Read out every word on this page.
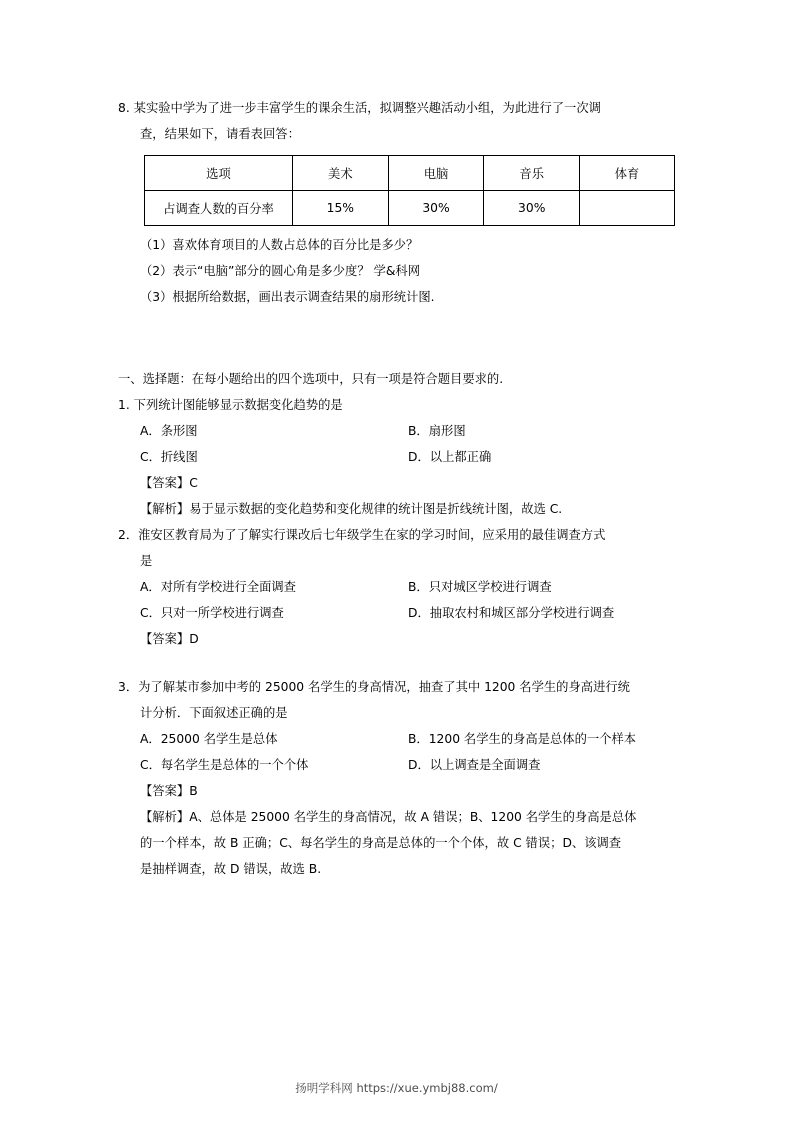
8. 某实验中学为了进一步丰富学生的课余生活，拟调整兴趣活动小组，为此进行了一次调
查，结果如下，请看表回答：
选项	美术	电脑	音乐	体育
占调查人数的百分率	15%	30%	30%	
（1）喜欢体育项目的人数占总体的百分比是多少？
（2）表示“电脑”部分的圆心角是多少度？ 学&科网
（3）根据所给数据，画出表示调查结果的扇形统计图.
一、选择题：在每小题给出的四个选项中，只有一项是符合题目要求的.
1. 下列统计图能够显示数据变化趋势的是
A．条形图	B．扇形图
C．折线图	D．以上都正确
【答案】C
【解析】易于显示数据的变化趋势和变化规律的统计图是折线统计图，故选 C.
2．淮安区教育局为了了解实行课改后七年级学生在家的学习时间，应采用的最佳调查方式
是
A．对所有学校进行全面调查	B．只对城区学校进行调查
C．只对一所学校进行调查	D．抽取农村和城区部分学校进行调查
【答案】D
3．为了解某市参加中考的 25000 名学生的身高情况，抽查了其中 1200 名学生的身高进行统
计分析．下面叙述正确的是
A．25000 名学生是总体	B．1200 名学生的身高是总体的一个样本
C．每名学生是总体的一个个体	D．以上调查是全面调查
【答案】B
【解析】A、总体是 25000 名学生的身高情况，故 A 错误；B、1200 名学生的身高是总体
的一个样本，故 B 正确；C、每名学生的身高是总体的一个个体，故 C 错误；D、该调查
是抽样调查，故 D 错误，故选 B.
扬明学科网 https://xue.ymbj88.com/
